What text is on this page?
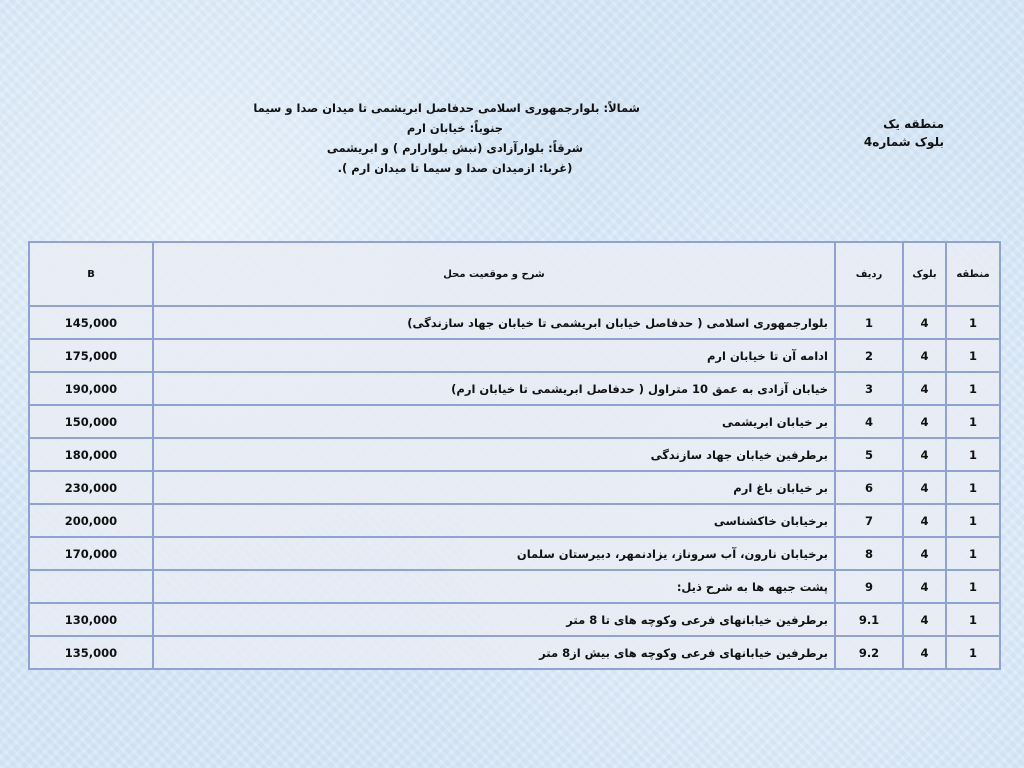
منطقه یک
بلوک شماره4
شمالاً: بلوارجمهوری اسلامی حدفاصل ابریشمی تا میدان صدا و سیما
جنوباً: خیابان ارم
شرقاً: بلوارآزادی (نبش بلوارارم ) و ابریشمی
(غربا: ازمیدان صدا و سیما تا میدان ارم ).
B	شرح و موقعیت محل	ردیف	بلوک	منطقه
145,000	بلوارجمهوری اسلامی ( حدفاصل خیابان ابریشمی تا خیابان جهاد سازندگی)	1	4	1
175,000	ادامه آن تا خیابان ارم	2	4	1
190,000	خیابان آزادی به عمق 10 متراول ( حدفاصل ابریشمی تا خیابان ارم)	3	4	1
150,000	بر خیابان ابریشمی	4	4	1
180,000	برطرفین خیابان جهاد سازندگی	5	4	1
230,000	بر خیابان باغ ارم	6	4	1
200,000	برخیابان خاکشناسی	7	4	1
170,000	برخیابان نارون، آب سروناز، یزادنمهر، دبیرستان سلمان	8	4	1
	پشت جبهه ها به شرح ذیل:	9	4	1
130,000	برطرفین خیابانهای فرعی وکوچه های تا 8 متر	9.1	4	1
135,000	برطرفین خیابانهای فرعی وکوچه های بیش از8 متر	9.2	4	1
